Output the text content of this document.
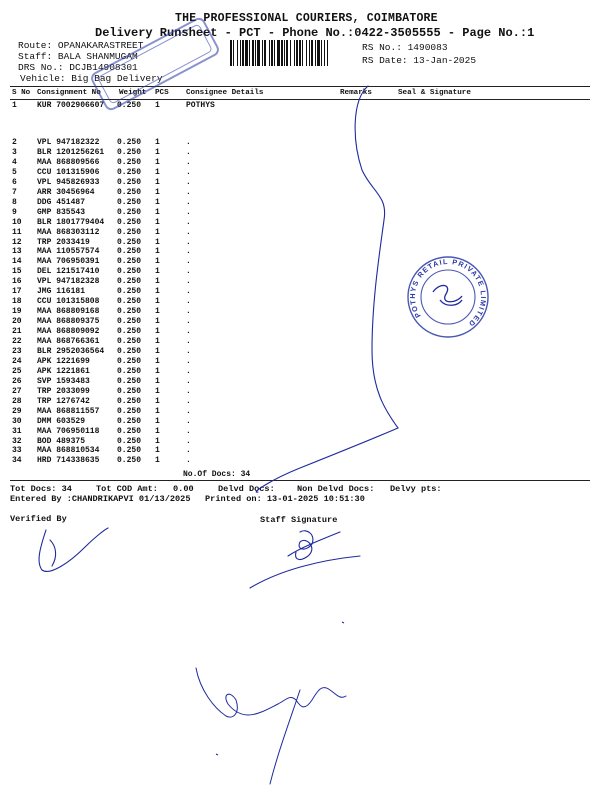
THE PROFESSIONAL COURIERS, COIMBATORE
Delivery Runsheet - PCT - Phone No.:0422-3505555 - Page No.:1
Route: OPANAKARASTREET
Staff: BALA SHANMUGAM
DRS No.: DCJB14908301
Vehicle: Big Bag Delivery
RS No.: 1490083
RS Date: 13-Jan-2025
S No Consignment No Weight PCS Consignee Details	Remarks	Seal & Signature
1	KUR 7002906607 0.250 1	POTHYS
2	VPL 947182322 0.250 1	.
3	BLR 1201256261 0.250 1	.
4	MAA 868809566 0.250 1	.
5	CCU 101315906 0.250 1	.
6	VPL 945826933 0.250 1	.
7	ARR 30456964	0.250 1	.
8	DDG 451487	0.250 1	.
9	GMP 835543	0.250 1	.
10 BLR 1801779404 0.250 1	.
11 MAA 868303112 0.250 1	.
12 TRP 2033419	0.250 1	.
13 MAA 110557574 0.250 1	.
14 MAA 706950391 0.250 1	.
15 DEL 121517410 0.250 1	.
16 VPL 947182328 0.250 1	.
17 JMG 116181	0.250 1	.
18 CCU 101315808 0.250 1	.
19 MAA 868809168 0.250 1	.
20 MAA 868809375 0.250 1	.
21 MAA 868809092 0.250 1	.
22 MAA 868766361 0.250 1	.
23 BLR 2952036564 0.250 1	.
24 APK 1221699	0.250 1	.
25 APK 1221861	0.250 1	.
26 SVP 1593483	0.250 1	.
27 TRP 2033099	0.250 1	.
28 TRP 1276742	0.250 1	.
29 MAA 868811557 0.250 1	.
30 DMM 603529	0.250 1	.
31 MAA 706950118 0.250 1	.
32 BOD 489375	0.250 1	.
33 MAA 868810534 0.250 1	.
34 HRD 714338635 0.250 1	.
No.Of Docs: 34
Tot Docs: 34	Tot COD Amt: 0.00	Delvd Docs:	Non Delvd Docs: Delvy pts:
Entered By :CHANDRIKAPVI 01/13/2025 Printed on: 13-01-2025 10:51:30
Verified By	Staff Signature
POTHYS RETAIL PRIVATE LIMITED
